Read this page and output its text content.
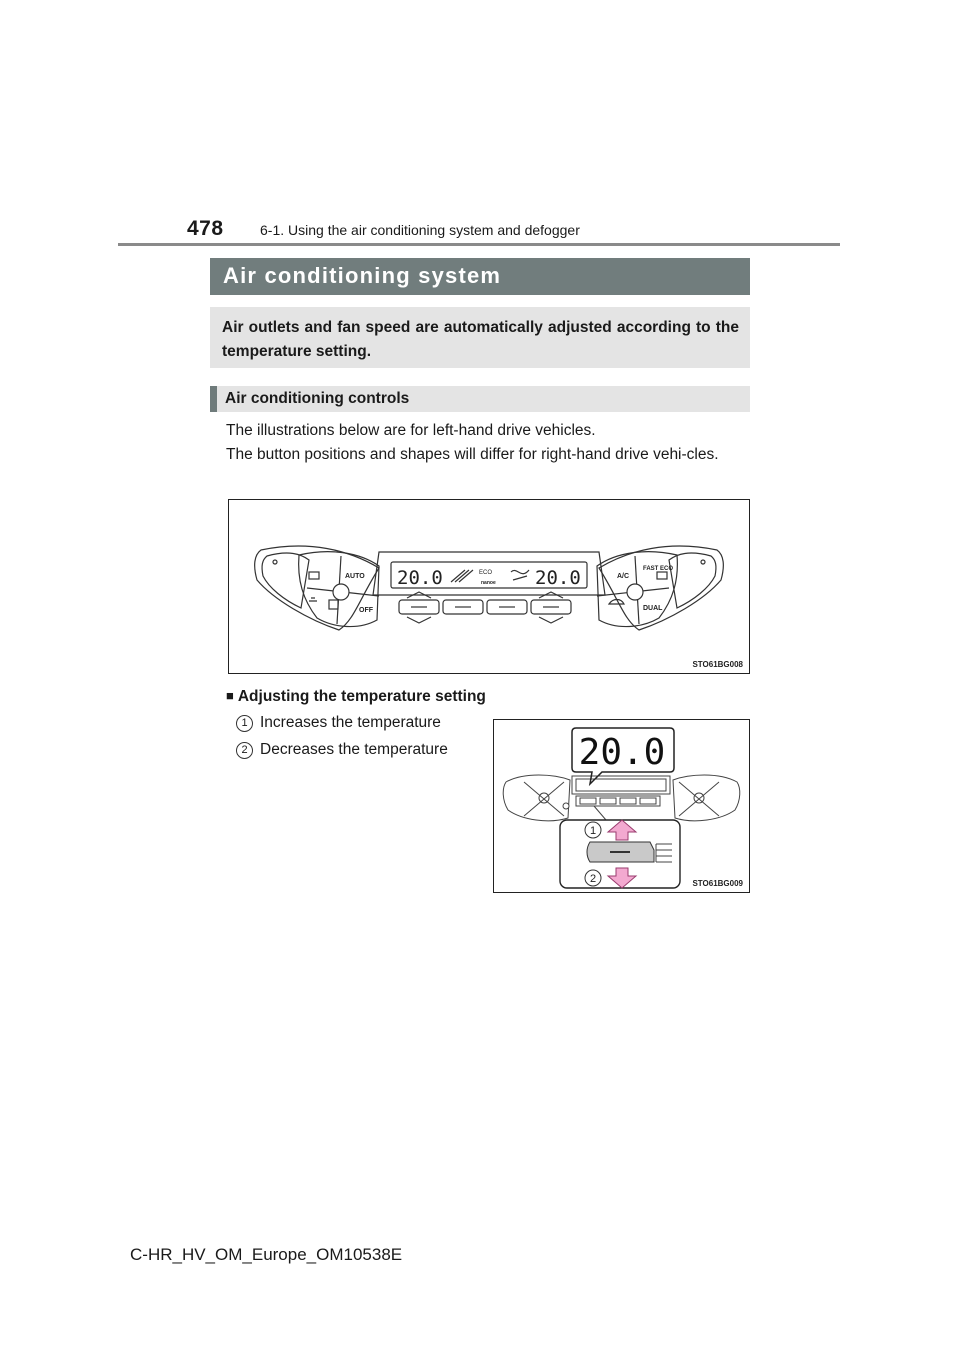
478	6-1. Using the air conditioning system and defogger
Air conditioning system
Air outlets and fan speed are automatically adjusted according to the temperature setting.
Air conditioning controls

The illustrations below are for left-hand drive vehicles.

The button positions and shapes will differ for right-hand drive vehi-cles.

20.0	20.0
ECO
nanoe
AUTO
OFF
A/C
FAST ECO
DUAL
STO61BG008
■ Adjusting the temperature setting
1 Increases the temperature
2 Decreases the temperature
1
2
20.0
STO61BG009
C-HR_HV_OM_Europe_OM10538E
